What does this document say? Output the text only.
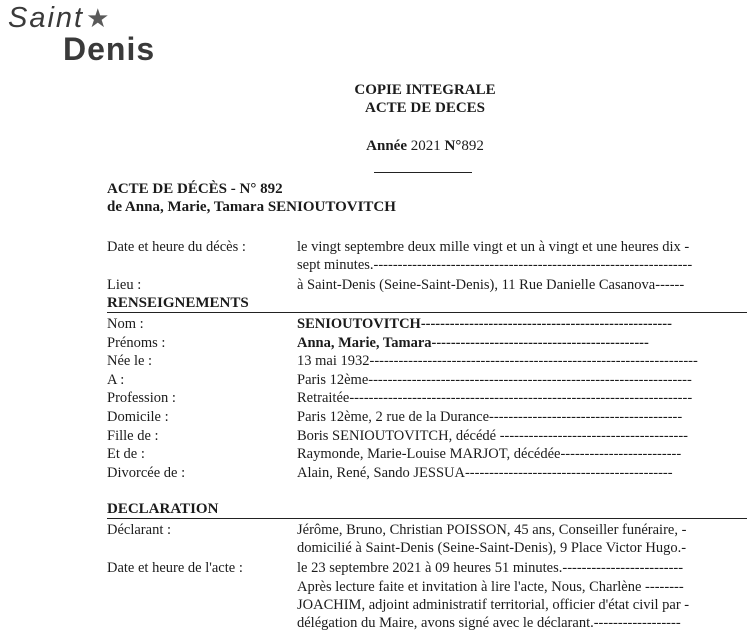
Saint★
Denis
COPIE INTEGRALE
ACTE DE DECES
Année 2021 N°892
ACTE DE DÉCÈS - N° 892
de Anna, Marie, Tamara SENIOUTOVITCH
Date et heure du décès :	le vingt septembre deux mille vingt et un à vingt et une heures dix -
sept minutes.------------------------------------------------------------------
Lieu :	à Saint-Denis (Seine-Saint-Denis), 11 Rue Danielle Casanova------
RENSEIGNEMENTS
Nom :	SENIOUTOVITCH----------------------------------------------------
Prénoms :	Anna, Marie, Tamara---------------------------------------------
Née le :	13 mai 1932--------------------------------------------------------------------
A :	Paris 12ème-------------------------------------------------------------------
Profession :	Retraitée-----------------------------------------------------------------------
Domicile :	Paris 12ème, 2 rue de la Durance----------------------------------------
Fille de :	Boris SENIOUTOVITCH, décédé ---------------------------------------
Et de :	Raymonde, Marie-Louise MARJOT, décédée-------------------------
Divorcée de :	Alain, René, Sando JESSUA-------------------------------------------
DECLARATION
Déclarant :	Jérôme, Bruno, Christian POISSON, 45 ans, Conseiller funéraire, -
domicilié à Saint-Denis (Seine-Saint-Denis), 9 Place Victor Hugo.-
Date et heure de l'acte :	le 23 septembre 2021 à 09 heures 51 minutes.-------------------------
Après lecture faite et invitation à lire l'acte, Nous, Charlène --------
JOACHIM, adjoint administratif territorial, officier d'état civil par -
délégation du Maire, avons signé avec le déclarant.------------------
